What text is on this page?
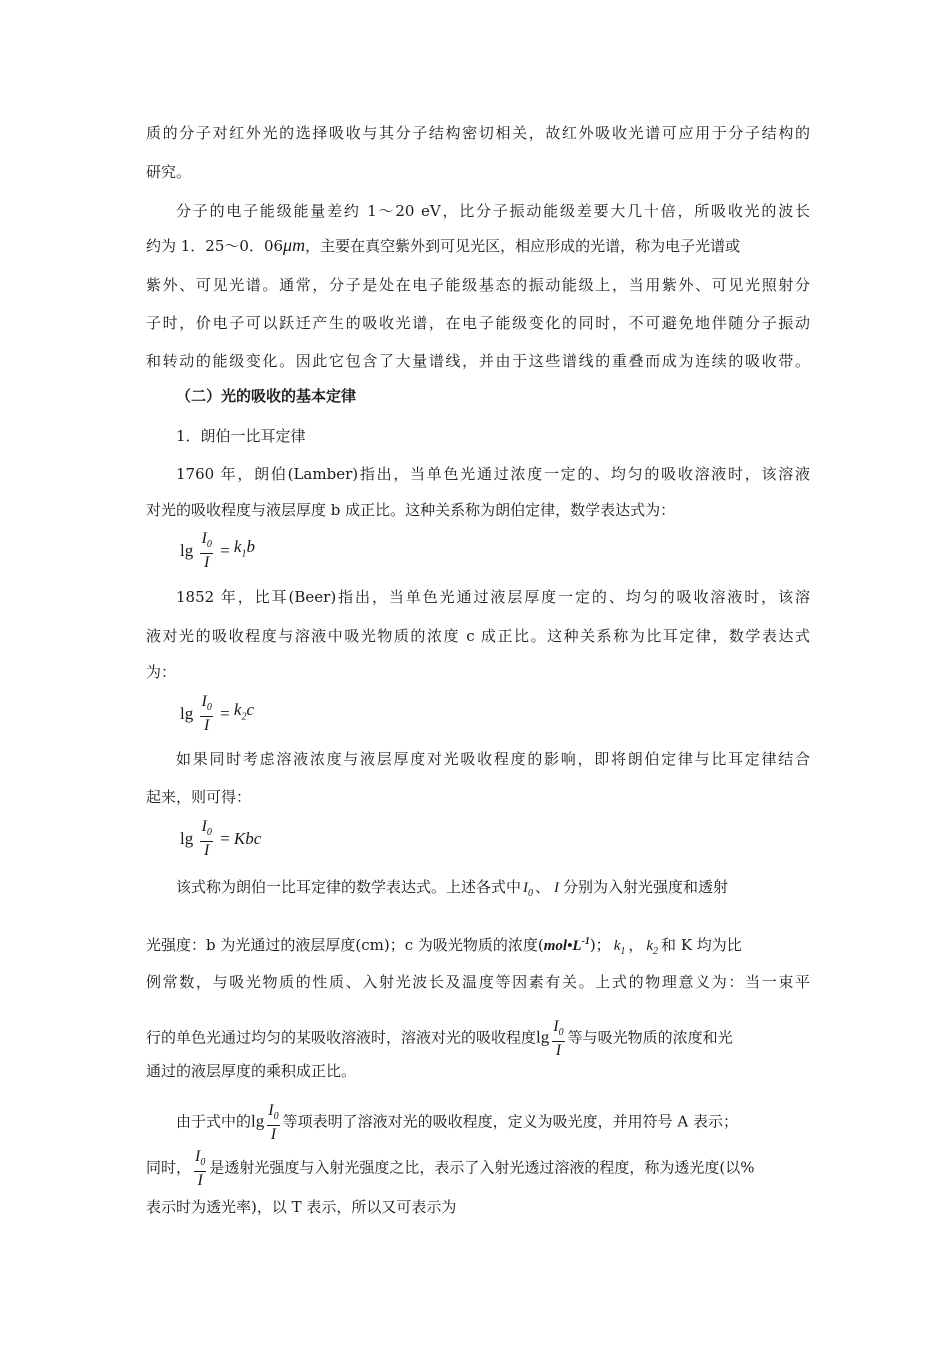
质的分子对红外光的选择吸收与其分子结构密切相关，故红外吸收光谱可应用于分子结构的

研究。

分子的电子能级能量差约 1～20 eV，比分子振动能级差要大几十倍，所吸收光的波长

约为 1．25～0．06μm，主要在真空紫外到可见光区，相应形成的光谱，称为电子光谱或

紫外、可见光谱。通常，分子是处在电子能级基态的振动能级上，当用紫外、可见光照射分

子时，价电子可以跃迁产生的吸收光谱，在电子能级变化的同时，不可避免地伴随分子振动

和转动的能级变化。因此它包含了大量谱线，并由于这些谱线的重叠而成为连续的吸收带。

（二）光的吸收的基本定律

1．朗伯一比耳定律

1760 年，朗伯(Lamber)指出，当单色光通过浓度一定的、均匀的吸收溶液时，该溶液

对光的吸收程度与液层厚度 b 成正比。这种关系称为朗伯定律，数学表达式为：

$\lg \frac{I_0}{I} = k_1b$

1852 年，比耳(Beer)指出，当单色光通过液层厚度一定的、均匀的吸收溶液时，该溶

液对光的吸收程度与溶液中吸光物质的浓度 c 成正比。这种关系称为比耳定律，数学表达式

为：

$\lg \frac{I_0}{I} = k_2c$

如果同时考虑溶液浓度与液层厚度对光吸收程度的影响，即将朗伯定律与比耳定律结合

起来，则可得：

$\lg \frac{I_0}{I}$ = Kbc

该式称为朗伯一比耳定律的数学表达式。上述各式中 $I_0$ 、 I 分别为入射光强度和透射

光强度：b 为光通过的液层厚度(cm)；c 为吸光物质的浓度$(mol•L^{-1})$； $k_1$ ， $k_2$ 和 K 均为比

例常数，与吸光物质的性质、入射光波长及温度等因素有关。上式的物理意义为：当一束平

行的单色光通过均匀的某吸收溶液时，溶液对光的吸收程度$\lg \frac{I_0}{I}$ 等与吸光物质的浓度和光

通过的液层厚度的乘积成正比。

由于式中的$\lg \frac{I_0}{I}$ 等项表明了溶液对光的吸收程度，定义为吸光度，并用符号 A 表示；

同时， $\frac{I_0}{I}$ 是透射光强度与入射光强度之比，表示了入射光透过溶液的程度，称为透光度(以%

表示时为透光率)，以 T 表示，所以又可表示为
